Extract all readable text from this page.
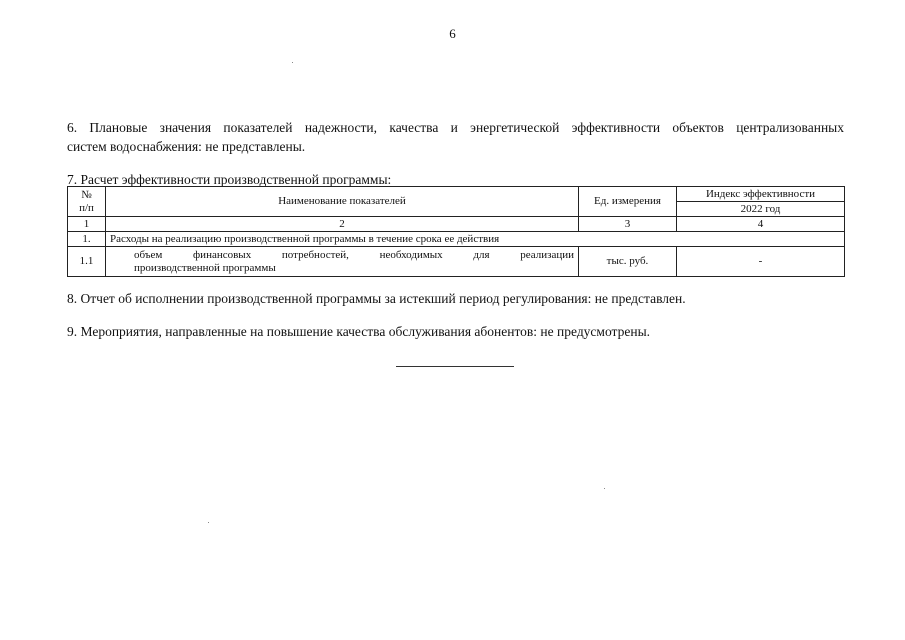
6
6. Плановые значения показателей надежности, качества и энергетической эффективности объектов централизованных
систем водоснабжения: не представлены.
7. Расчет эффективности производственной программы:
№
п/п	Наименование показателей	Ед. измерения	Индекс эффективности
			2022 год
1	2	3	4
1.	Расходы на реализацию производственной программы в течение срока ее действия		
1.1	объем финансовых потребностей, необходимых для реализации
производственной программы	тыс. руб.	-
8. Отчет об исполнении производственной программы за истекший период регулирования: не представлен.
9. Мероприятия, направленные на повышение качества обслуживания абонентов: не предусмотрены.
